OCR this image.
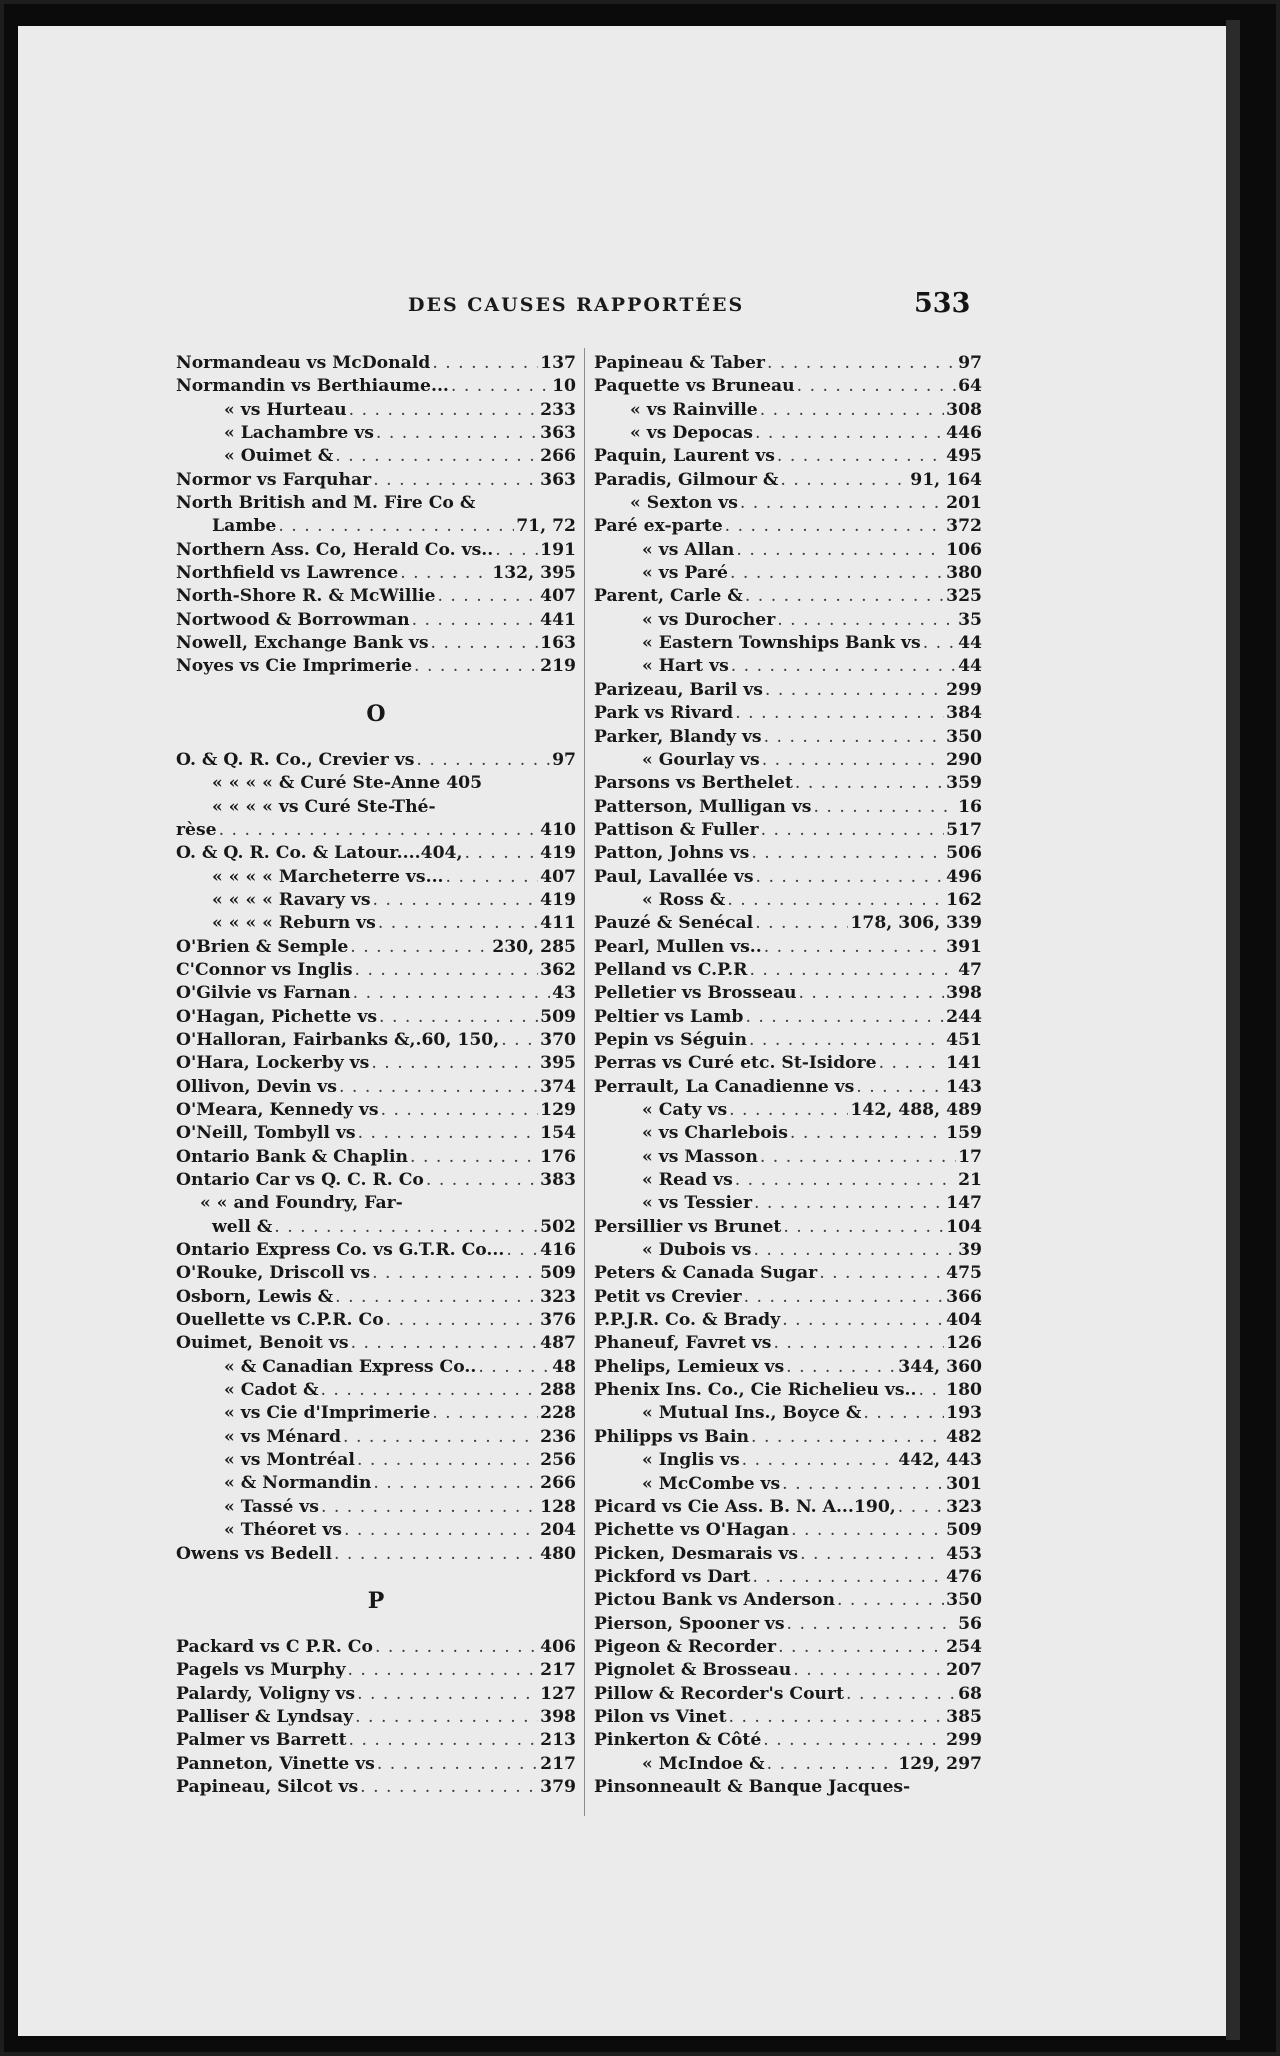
DES CAUSES RAPPORTÉES	533
Normandeau vs McDonald . . .	137
Normandin vs Berthiaume... . . .	10
« vs Hurteau . . .	233
« Lachambre vs . . .	363
« Ouimet & . . .	266
Normor vs Farquhar . . .	363
North British and M. Fire Co &
Lambe . . .	71, 72
Northern Ass. Co, Herald Co. vs.. . . .	191
Northfield vs Lawrence . . .	132, 395
North-Shore R. & McWillie . . .	407
Nortwood & Borrowman . . .	441
Nowell, Exchange Bank vs . . .	163
Noyes vs Cie Imprimerie . . .	219
O
O. & Q. R. Co., Crevier vs . . .	97
« « « « & Curé Ste-Anne 405
« « « « vs Curé Ste-Thé-
rèse . . .	410
O. & Q. R. Co. & Latour....404, . . .	419
« « « « Marcheterre vs... . . .	407
« « « « Ravary vs . . .	419
« « « « Reburn vs . . .	411
O'Brien & Semple . . .	230, 285
C'Connor vs Inglis . . .	362
O'Gilvie vs Farnan . . .	43
O'Hagan, Pichette vs . . .	509
O'Halloran, Fairbanks &,.60, 150, . . . 370
O'Hara, Lockerby vs . . .	395
Ollivon, Devin vs . . .	374
O'Meara, Kennedy vs . . .	129
O'Neill, Tombyll vs . . .	154
Ontario Bank & Chaplin . . .	176
Ontario Car vs Q. C. R. Co . . .	383
« « and Foundry, Far-
well & . . .	502
Ontario Express Co. vs G.T.R. Co... . . . 416
O'Rouke, Driscoll vs . . .	509
Osborn, Lewis & . . .	323
Ouellette vs C.P.R. Co . . .	376
Ouimet, Benoit vs . . .	487
« & Canadian Express Co.. . . .	48
« Cadot & . . .	288
« vs Cie d'Imprimerie . . .	228
« vs Ménard . . .	236
« vs Montréal . . .	256
« & Normandin . . .	266
« Tassé vs . . .	128
« Théoret vs . . .	204
Owens vs Bedell . . .	480
P
Packard vs C P.R. Co . . .	406
Pagels vs Murphy . . .	217
Palardy, Voligny vs . . .	127
Palliser & Lyndsay . . .	398
Palmer vs Barrett . . .	213
Panneton, Vinette vs . . .	217
Papineau, Silcot vs . . .	379
Papineau & Taber . . .	97
Paquette vs Bruneau . . .	64
« vs Rainville . . .	308
« vs Depocas . . .	446
Paquin, Laurent vs . . .	495
Paradis, Gilmour & . . .	91, 164
« Sexton vs . . .	201
Paré ex-parte . . .	372
« vs Allan . . .	106
« vs Paré . . .	380
Parent, Carle & . . .	325
« vs Durocher . . .	35
« Eastern Townships Bank vs . . . 44
« Hart vs . . .	44
Parizeau, Baril vs . . .	299
Park vs Rivard . . .	384
Parker, Blandy vs . . .	350
« Gourlay vs . . .	290
Parsons vs Berthelet . . .	359
Patterson, Mulligan vs . . .	16
Pattison & Fuller . . .	517
Patton, Johns vs . . .	506
Paul, Lavallée vs . . .	496
« Ross & . . .	162
Pauzé & Senécal . . .	178, 306, 339
Pearl, Mullen vs.. . . .	391
Pelland vs C.P.R . . .	47
Pelletier vs Brosseau . . .	398
Peltier vs Lamb . . .	244
Pepin vs Séguin . . .	451
Perras vs Curé etc. St-Isidore . . .	141
Perrault, La Canadienne vs . . .	143
« Caty vs . . .	142, 488, 489
« vs Charlebois . . .	159
« vs Masson . . .	17
« Read vs . . .	21
« vs Tessier . . .	147
Persillier vs Brunet . . .	104
« Dubois vs . . .	39
Peters & Canada Sugar . . .	475
Petit vs Crevier . . .	366
P.P.J.R. Co. & Brady . . .	404
Phaneuf, Favret vs . . .	126
Phelips, Lemieux vs . . .	344, 360
Phenix Ins. Co., Cie Richelieu vs.. . . . 180
« Mutual Ins., Boyce & . . .	193
Philipps vs Bain . . .	482
« Inglis vs . . .	442, 443
« McCombe vs . . .	301
Picard vs Cie Ass. B. N. A...190, . . .	323
Pichette vs O'Hagan . . .	509
Picken, Desmarais vs . . .	453
Pickford vs Dart . . .	476
Pictou Bank vs Anderson . . .	350
Pierson, Spooner vs . . .	56
Pigeon & Recorder . . .	254
Pignolet & Brosseau . . .	207
Pillow & Recorder's Court . . .	68
Pilon vs Vinet . . .	385
Pinkerton & Côté . . .	299
« McIndoe & . . .	129, 297
Pinsonneault & Banque Jacques-
